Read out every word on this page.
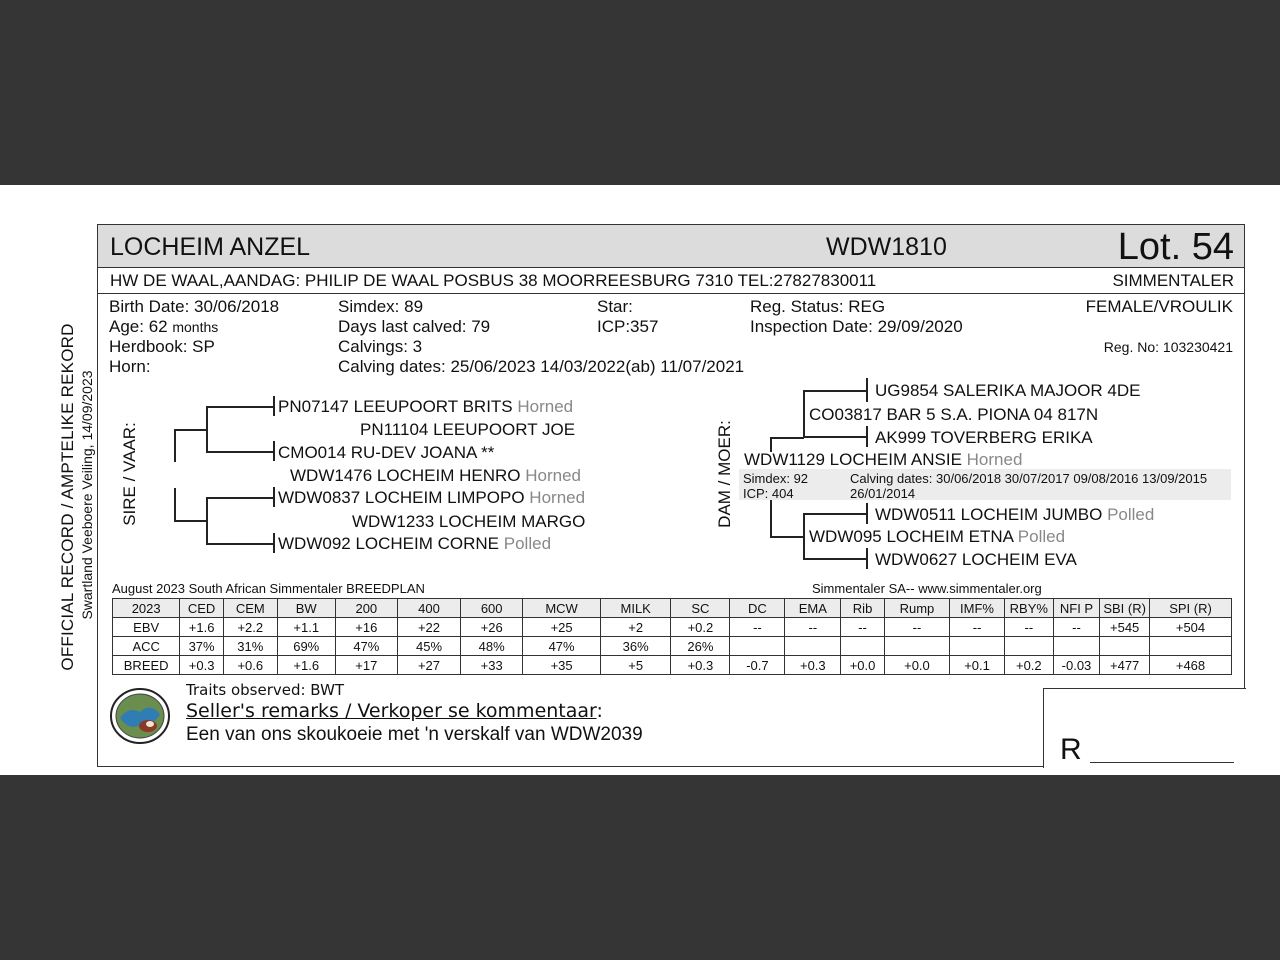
OFFICIAL RECORD / AMPTELIKE REKORD Swartland Veeboere Veiling, 14/09/2023
LOCHEIM ANZEL	WDW1810	Lot. 54
HW DE WAAL,AANDAG: PHILIP DE WAAL POSBUS 38 MOORREESBURG 7310 TEL:27827830011	SIMMENTALER
Birth Date: 30/06/2018
Age: 62 months
Herdbook: SP
Horn:
Simdex: 89
Days last calved: 79
Calvings: 3
Calving dates: 25/06/2023 14/03/2022(ab) 11/07/2021
Star:
ICP:357
Reg. Status: REG
Inspection Date: 29/09/2020
FEMALE/VROULIK
Reg. No: 103230421
SIRE / VAAR:
PN07147 LEEUPOORT BRITS Horned
PN11104 LEEUPOORT JOE
CMO014 RU-DEV JOANA **
WDW1476 LOCHEIM HENRO Horned
WDW0837 LOCHEIM LIMPOPO Horned
WDW1233 LOCHEIM MARGO
WDW092 LOCHEIM CORNE Polled
DAM / MOER:
UG9854 SALERIKA MAJOOR 4DE
CO03817 BAR 5 S.A. PIONA 04 817N
AK999 TOVERBERG ERIKA
WDW1129 LOCHEIM ANSIE Horned
Simdex: 92
ICP: 404
Calving dates: 30/06/2018 30/07/2017 09/08/2016 13/09/2015
26/01/2014
WDW0511 LOCHEIM JUMBO Polled
WDW095 LOCHEIM ETNA Polled
WDW0627 LOCHEIM EVA
August 2023 South African Simmentaler BREEDPLAN	Simmentaler SA-- www.simmentaler.org
2023	CED	CEM	BW	200	400	600	MCW	MILK	SC	DC	EMA	Rib	Rump	IMF%	RBY%	NFI P	SBI (R)	SPI (R)
EBV	+1.6	+2.2	+1.1	+16	+22	+26	+25	+2	+0.2	--	--	--	--	--	--	--	+545	+504
ACC	37%	31%	69%	47%	45%	48%	47%	36%	26%									
BREED	+0.3	+0.6	+1.6	+17	+27	+33	+35	+5	+0.3	-0.7	+0.3	+0.0	+0.0	+0.1	+0.2	-0.03	+477	+468
Traits observed: BWT
Seller's remarks / Verkoper se kommentaar:
Een van ons skoukoeie met 'n verskalf van WDW2039	R
